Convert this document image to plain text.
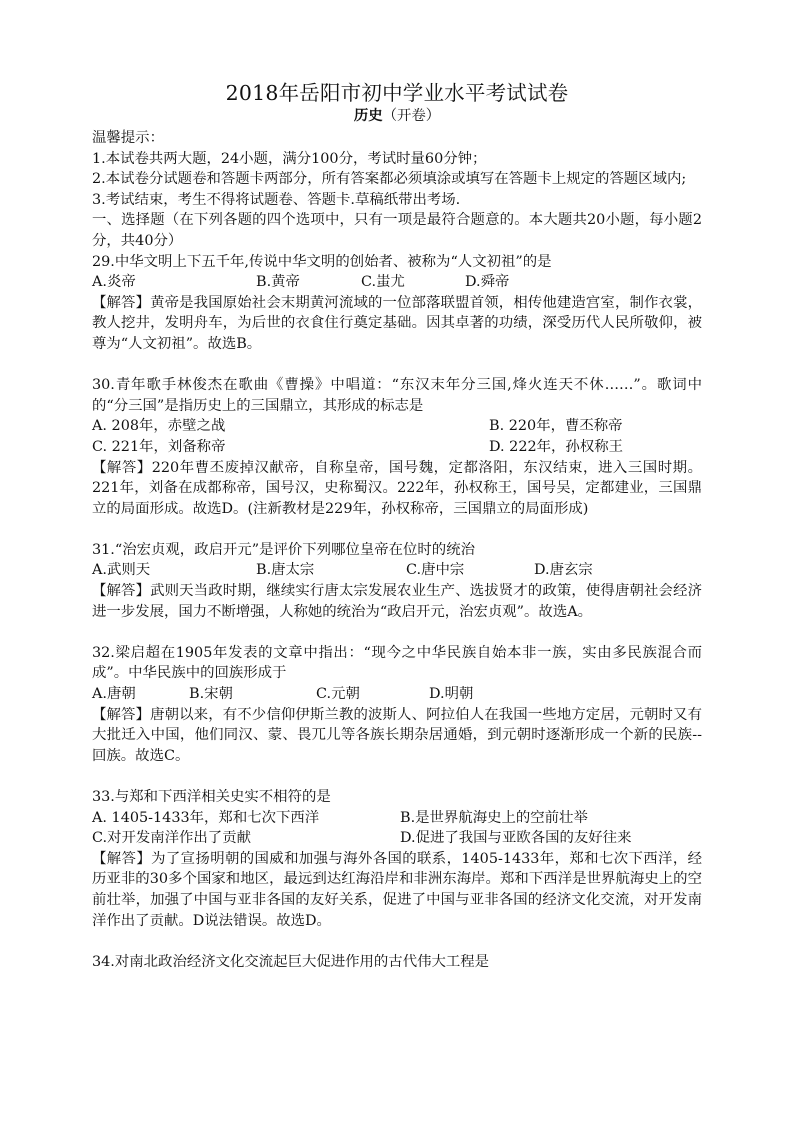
2018年岳阳市初中学业水平考试试卷
历史（开卷）

温馨提示：

1.本试卷共两大题，24小题，满分100分，考试时量60分钟；

2.本试卷分试题卷和答题卡两部分，所有答案都必须填涂或填写在答题卡上规定的答题区域内;

3.考试结束，考生不得将试题卷、答题卡.草稿纸带出考场.

一、选择题（在下列各题的四个选项中，只有一项是最符合题意的。本大题共20小题，每小题2分，共40分）

29.中华文明上下五千年,传说中华文明的创始者、被称为“人文初祖”的是

A.炎帝	B.黄帝	C.蚩尤	D.舜帝

【解答】黄帝是我国原始社会末期黄河流域的一位部落联盟首领，相传他建造宫室，制作衣裳，教人挖井，发明舟车，为后世的衣食住行奠定基础。因其卓著的功绩，深受历代人民所敬仰，被尊为“人文初祖”。故选B。

30.青年歌手林俊杰在歌曲《曹操》中唱道：“东汉末年分三国,烽火连天不休……”。歌词中的“分三国”是指历史上的三国鼎立，其形成的标志是

A. 208年，赤壁之战	B. 220年，曹丕称帝
C. 221年，刘备称帝	D. 222年，孙权称王

【解答】220年曹丕废掉汉献帝，自称皇帝，国号魏，定都洛阳，东汉结束，进入三国时期。221年，刘备在成都称帝，国号汉，史称蜀汉。222年，孙权称王，国号吴，定都建业，三国鼎立的局面形成。故选D。(注新教材是229年，孙权称帝，三国鼎立的局面形成)

31.“治宏贞观，政启开元”是评价下列哪位皇帝在位时的统治

A.武则天	B.唐太宗	C.唐中宗	D.唐玄宗

【解答】武则天当政时期，继续实行唐太宗发展农业生产、选拔贤才的政策，使得唐朝社会经济进一步发展，国力不断增强，人称她的统治为“政启开元，治宏贞观”。故选A。

32.梁启超在1905年发表的文章中指出：“现今之中华民族自始本非一族，实由多民族混合而成”。中华民族中的回族形成于

A.唐朝	B.宋朝	C.元朝	D.明朝

【解答】唐朝以来，有不少信仰伊斯兰教的波斯人、阿拉伯人在我国一些地方定居，元朝时又有大批迁入中国，他们同汉、蒙、畏兀儿等各族长期杂居通婚，到元朝时逐渐形成一个新的民族--回族。故选C。

33.与郑和下西洋相关史实不相符的是

A. 1405-1433年，郑和七次下西洋	B.是世界航海史上的空前壮举
C.对开发南洋作出了贡献	D.促进了我国与亚欧各国的友好往来

【解答】为了宣扬明朝的国威和加强与海外各国的联系，1405-1433年，郑和七次下西洋，经历亚非的30多个国家和地区，最远到达红海沿岸和非洲东海岸。郑和下西洋是世界航海史上的空前壮举，加强了中国与亚非各国的友好关系，促进了中国与亚非各国的经济文化交流，对开发南洋作出了贡献。D说法错误。故选D。

34.对南北政治经济文化交流起巨大促进作用的古代伟大工程是
